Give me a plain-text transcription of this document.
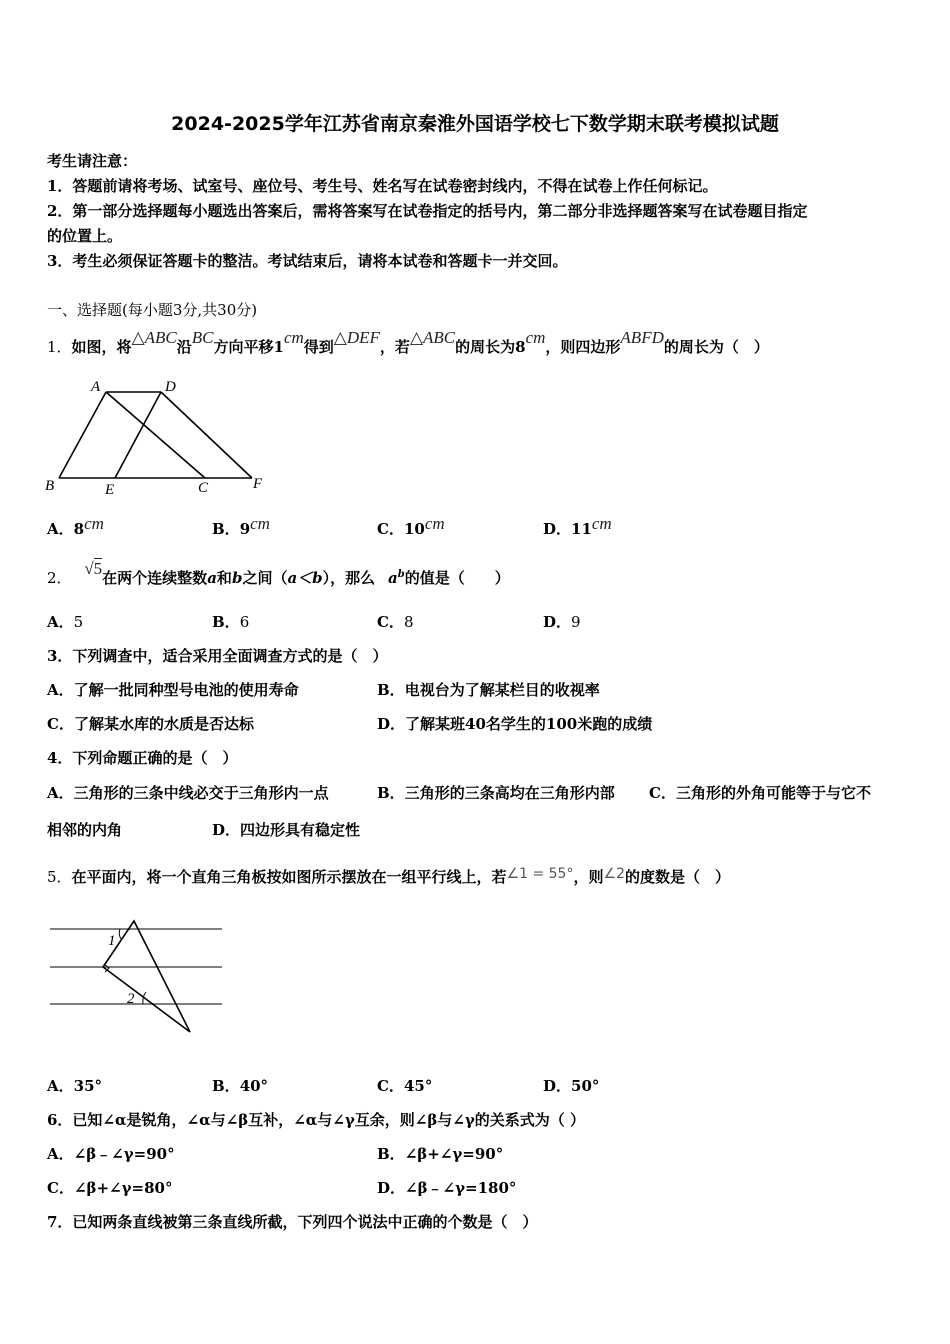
2024-2025学年江苏省南京秦淮外国语学校七下数学期末联考模拟试题
考生请注意：
1．答题前请将考场、试室号、座位号、考生号、姓名写在试卷密封线内，不得在试卷上作任何标记。
2．第一部分选择题每小题选出答案后，需将答案写在试卷指定的括号内，第二部分非选择题答案写在试卷题目指定
的位置上。
3．考生必须保证答题卡的整洁。考试结束后，请将本试卷和答题卡一并交回。
一、选择题(每小题3分,共30分)
1．如图，将△ABC沿BC方向平移1cm得到△DEF，若△ABC的周长为8cm，则四边形ABFD的周长为（　）
A	D
B	E	C	F
A．8cm	B．9cm	C．10cm	D．11cm
2． √5在两个连续整数a和b之间（a＜b），那么 $a^b$的值是（　　）
A．5	B．6	C．8	D．9
3．下列调查中，适合采用全面调查方式的是（　）
A．了解一批同种型号电池的使用寿命	B．电视台为了解某栏目的收视率
C．了解某水库的水质是否达标	D．了解某班40名学生的100米跑的成绩
4．下列命题正确的是（　）
A．三角形的三条中线必交于三角形内一点	B．三角形的三条高均在三角形内部 C．三角形的外角可能等于与它不
相邻的内角	D．四边形具有稳定性
5．在平面内，将一个直角三角板按如图所示摆放在一组平行线上，若∠1 = 55°，则∠2的度数是（　）
1
2
A．35°	B．40°	C．45°	D．50°
6．已知∠α是锐角，∠α与∠β互补，∠α与∠γ互余，则∠β与∠γ的关系式为（ ）
A．∠β﹣∠γ=90°	B．∠β+∠γ=90°
C．∠β+∠γ=80°	D．∠β﹣∠γ=180°
7．已知两条直线被第三条直线所截，下列四个说法中正确的个数是（　）
